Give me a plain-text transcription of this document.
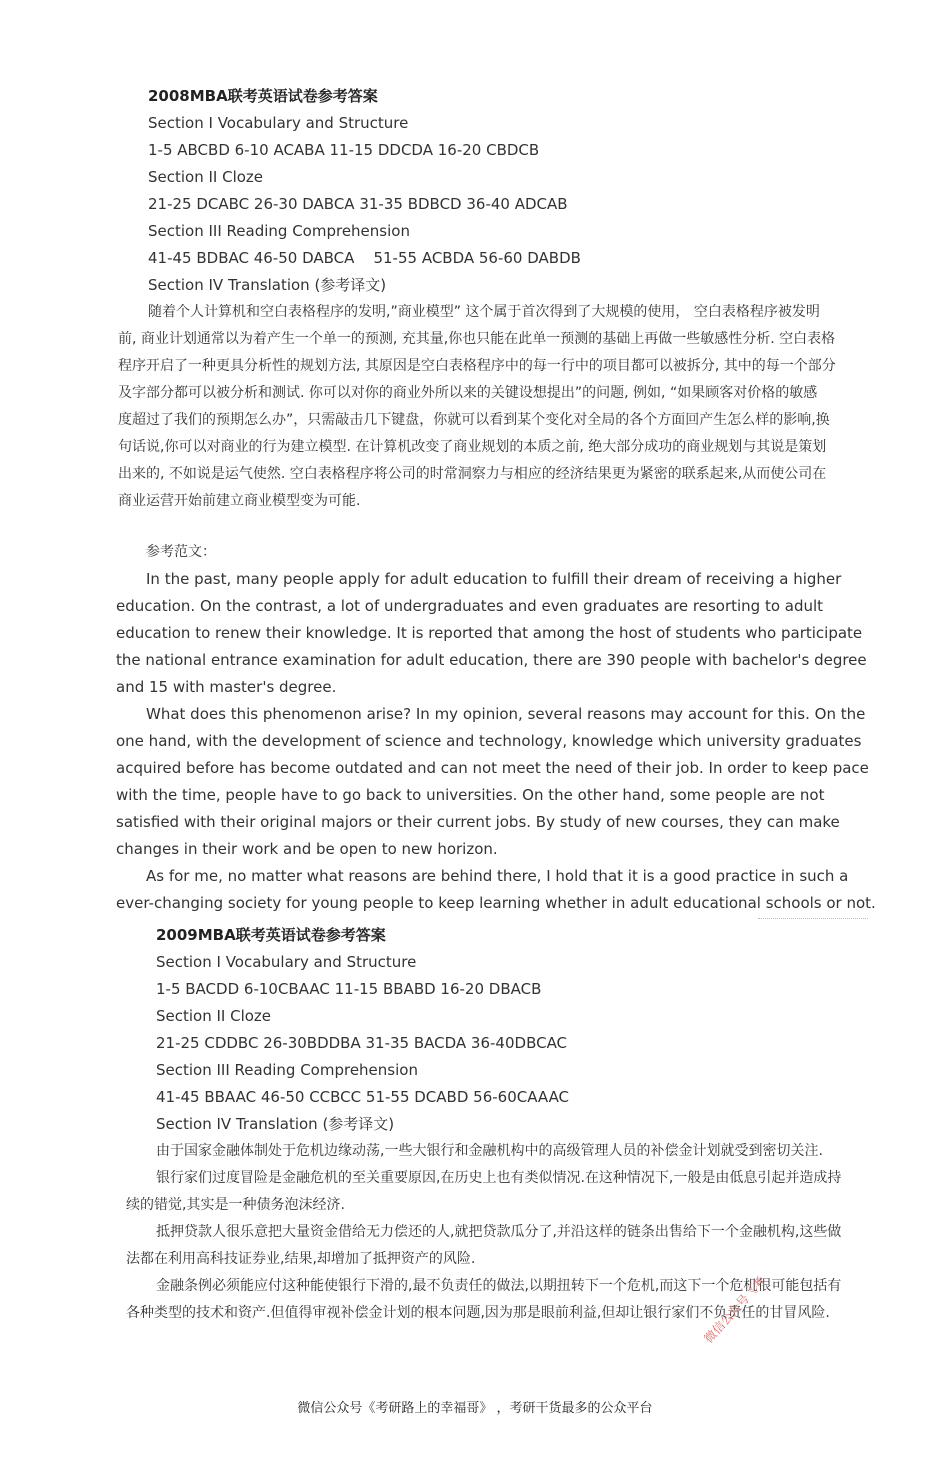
2008MBA联考英语试卷参考答案
Section I Vocabulary and Structure
1-5 ABCBD 6-10 ACABA 11-15 DDCDA 16-20 CBDCB
Section II Cloze
21-25 DCABC 26-30 DABCA 31-35 BDBCD 36-40 ADCAB
Section III Reading Comprehension
41-45 BDBAC 46-50 DABCA    51-55 ACBDA 56-60 DABDB
Section IV Translation (参考译文)

随着个人计算机和空白表格程序的发明,”商业模型” 这个属于首次得到了大规模的使用， 空白表格程序被发明

前, 商业计划通常以为着产生一个单一的预测, 充其量,你也只能在此单一预测的基础上再做一些敏感性分析. 空白表格

程序开启了一种更具分析性的规划方法, 其原因是空白表格程序中的每一行中的项目都可以被拆分, 其中的每一个部分

及字部分都可以被分析和测试. 你可以对你的商业外所以来的关键设想提出”的问题, 例如, “如果顾客对价格的敏感

度超过了我们的预期怎么办”，只需敲击几下键盘，你就可以看到某个变化对全局的各个方面回产生怎么样的影响,换

句话说,你可以对商业的行为建立模型. 在计算机改变了商业规划的本质之前, 绝大部分成功的商业规划与其说是策划

出来的, 不如说是运气使然. 空白表格程序将公司的时常洞察力与相应的经济结果更为紧密的联系起来,从而使公司在

商业运营开始前建立商业模型变为可能.

参考范文：

In the past, many people apply for adult education to fulfill their dream of receiving a higher education. On the contrast, a lot of undergraduates and even graduates are resorting to adult education to renew their knowledge. It is reported that among the host of students who participate the national entrance examination for adult education, there are 390 people with bachelor's degree and 15 with master's degree.

What does this phenomenon arise? In my opinion, several reasons may account for this. On the one hand, with the development of science and technology, knowledge which university graduates acquired before has become outdated and can not meet the need of their job. In order to keep pace with the time, people have to go back to universities. On the other hand, some people are not satisfied with their original majors or their current jobs. By study of new courses, they can make changes in their work and be open to new horizon.

As for me, no matter what reasons are behind there, I hold that it is a good practice in such a ever-changing society for young people to keep learning whether in adult educational schools or not.

2009MBA联考英语试卷参考答案
Section I Vocabulary and Structure
1-5 BACDD 6-10CBAAC 11-15 BBABD 16-20 DBACB
Section II Cloze
21-25 CDDBC 26-30BDDBA 31-35 BACDA 36-40DBCAC
Section III Reading Comprehension
41-45 BBAAC 46-50 CCBCC 51-55 DCABD 56-60CAAAC
Section IV Translation (参考译文)

由于国家金融体制处于危机边缘动荡,一些大银行和金融机构中的高级管理人员的补偿金计划就受到密切关注.

银行家们过度冒险是金融危机的至关重要原因,在历史上也有类似情况.在这种情况下,一般是由低息引起并造成持

续的错觉,其实是一种债务泡沫经济.

抵押贷款人很乐意把大量资金借给无力偿还的人,就把贷款瓜分了,并沿这样的链条出售给下一个金融机构,这些做

法都在利用高科技证券业,结果,却增加了抵押资产的风险.

金融条例必须能应付这种能使银行下滑的,最不负责任的做法,以期扭转下一个危机,而这下一个危机很可能包括有

各种类型的技术和资产.但值得审视补偿金计划的根本问题,因为那是眼前利益,但却让银行家们不负责任的甘冒风险.

微信公众号《考
微信公众号《考研路上的幸福哥》 ，考研干货最多的公众平台
